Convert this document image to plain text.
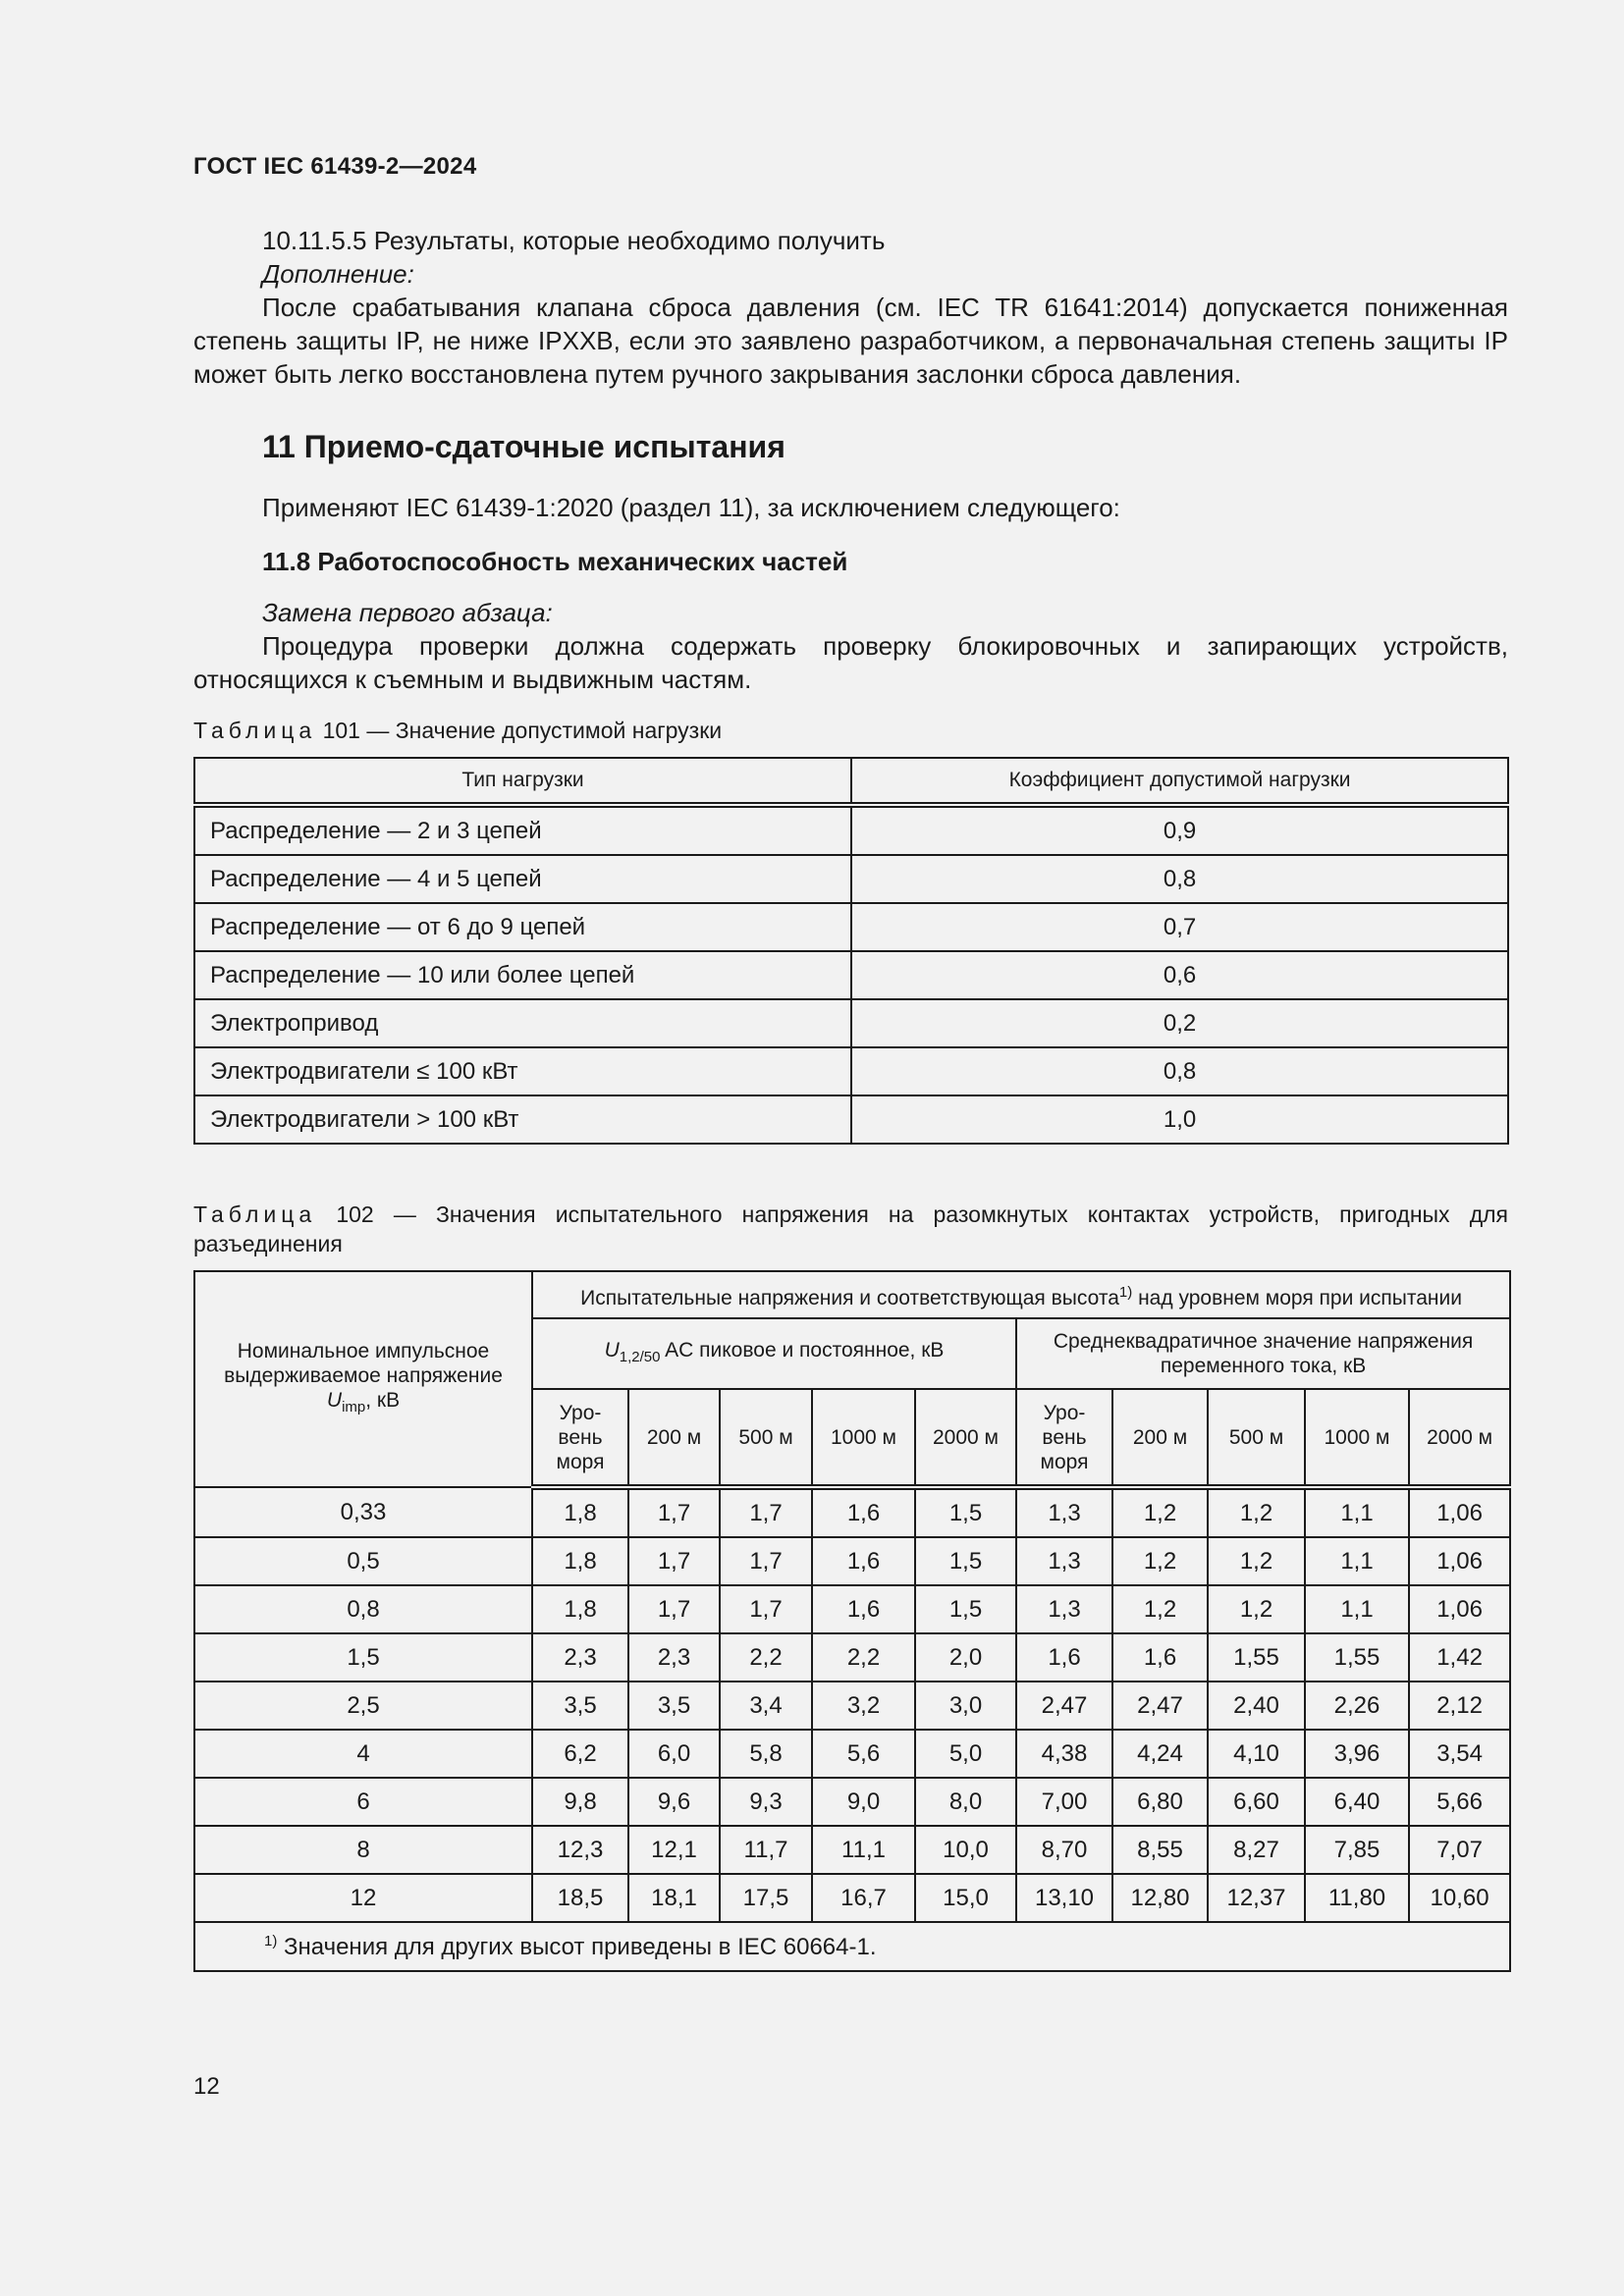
ГОСТ IEC 61439-2—2024

10.11.5.5 Результаты, которые необходимо получить

Дополнение:

После срабатывания клапана сброса давления (см. IEC TR 61641:2014) допускается пониженная степень защиты IP, не ниже IPXXB, если это заявлено разработчиком, а первоначальная степень защиты IP может быть легко восстановлена путем ручного закрывания заслонки сброса давления.

11 Приемо-сдаточные испытания

Применяют IEC 61439-1:2020 (раздел 11), за исключением следующего:

11.8 Работоспособность механических частей

Замена первого абзаца:

Процедура проверки должна содержать проверку блокировочных и запирающих устройств, относящихся к съемным и выдвижным частям.

Таблица 101 — Значение допустимой нагрузки
Тип нагрузки	Коэффициент допустимой нагрузки
Распределение — 2 и 3 цепей	0,9
Распределение — 4 и 5 цепей	0,8
Распределение — от 6 до 9 цепей	0,7
Распределение — 10 или более цепей	0,6
Электропривод	0,2
Электродвигатели ≤ 100 кВт	0,8
Электродвигатели > 100 кВт	1,0
Таблица 102 — Значения испытательного напряжения на разомкнутых контактах устройств, пригодных для разъединения
Номинальное импульсное
выдерживаемое напряжение
$U_{imp}$, кВ	Испытательные напряжения и соответствующая высота$^{1)}$ над уровнем моря при испытании									
	$U_{1,2/50}$ AC пиковое и постоянное, кВ					Среднеквадратичное значение напряжения переменного тока, кВ				
	Уро-вень моря	200 м	500 м	1000 м	2000 м	Уро-вень моря	200 м	500 м	1000 м	2000 м
0,33	1,8	1,7	1,7	1,6	1,5	1,3	1,2	1,2	1,1	1,06
0,5	1,8	1,7	1,7	1,6	1,5	1,3	1,2	1,2	1,1	1,06
0,8	1,8	1,7	1,7	1,6	1,5	1,3	1,2	1,2	1,1	1,06
1,5	2,3	2,3	2,2	2,2	2,0	1,6	1,6	1,55	1,55	1,42
2,5	3,5	3,5	3,4	3,2	3,0	2,47	2,47	2,40	2,26	2,12
4	6,2	6,0	5,8	5,6	5,0	4,38	4,24	4,10	3,96	3,54
6	9,8	9,6	9,3	9,0	8,0	7,00	6,80	6,60	6,40	5,66
8	12,3	12,1	11,7	11,1	10,0	8,70	8,55	8,27	7,85	7,07
12	18,5	18,1	17,5	16,7	15,0	13,10	12,80	12,37	11,80	10,60
$^{1)}$ Значения для других высот приведены в IEC 60664-1.										
12
